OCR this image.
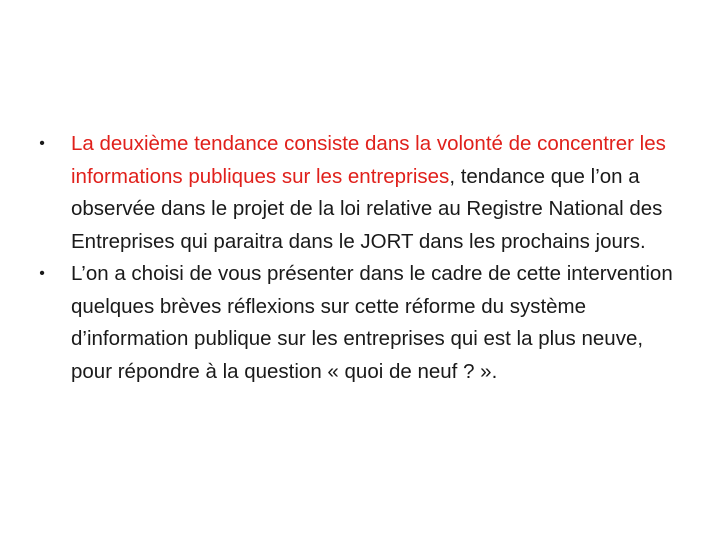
• La deuxième tendance consiste dans la volonté de concentrer les informations publiques sur les entreprises, tendance que l’on a observée dans le projet de la loi relative au Registre National des Entreprises qui paraitra dans le JORT dans les prochains jours.
• L’on a choisi de vous présenter dans le cadre de cette intervention quelques brèves réflexions sur cette réforme du système d’information publique sur les entreprises qui est la plus neuve, pour répondre à la question « quoi de neuf ? ».
